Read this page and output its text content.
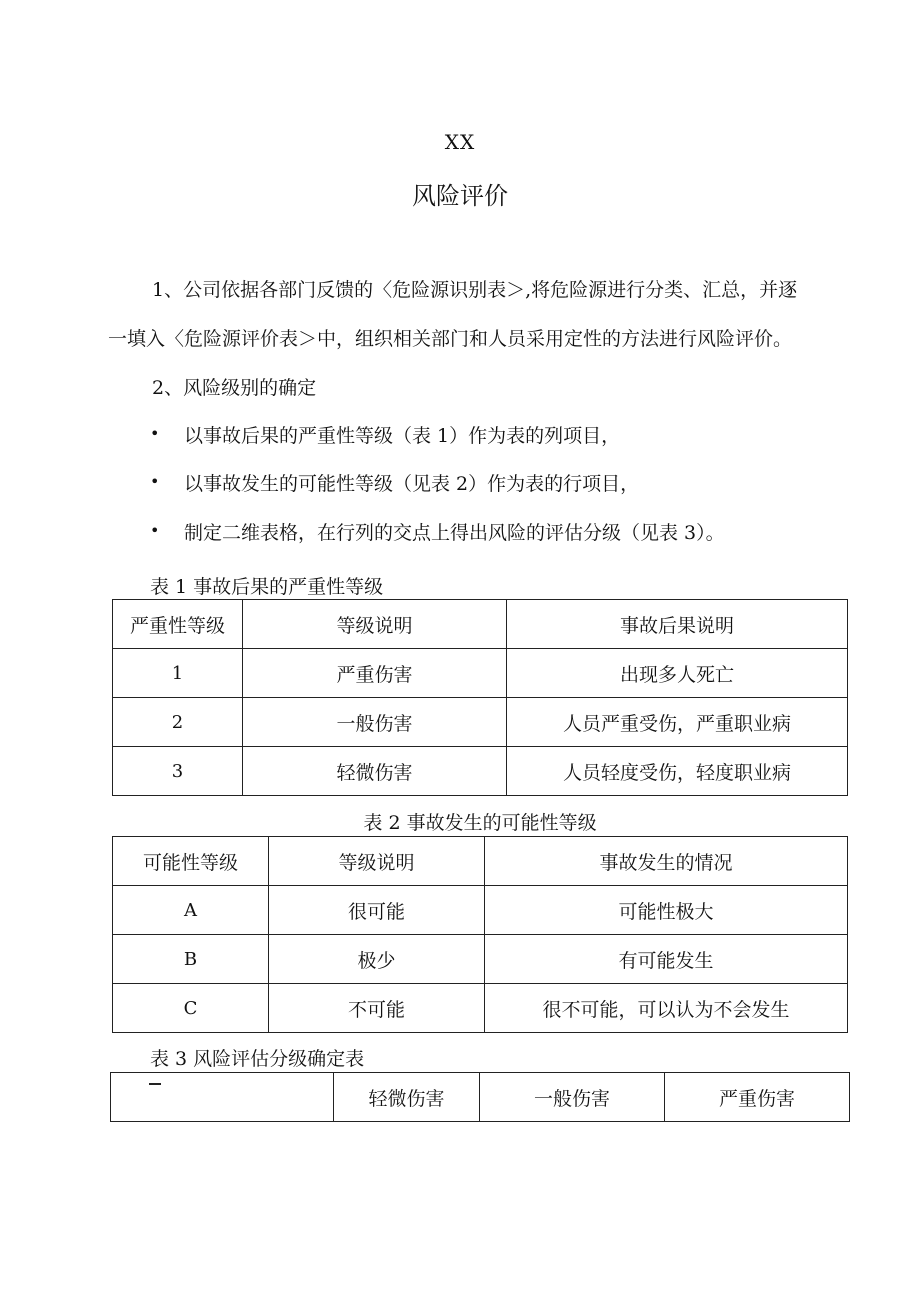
XX
风险评价
1、公司依据各部门反馈的〈危险源识别表＞,将危险源进行分类、汇总，并逐
一填入〈危险源评价表＞中，组织相关部门和人员采用定性的方法进行风险评价。
2、风险级别的确定
• 以事故后果的严重性等级（表 1）作为表的列项目，
• 以事故发生的可能性等级（见表 2）作为表的行项目，
• 制定二维表格，在行列的交点上得出风险的评估分级（见表 3）。
表 1 事故后果的严重性等级
严重性等级	等级说明	事故后果说明
1	严重伤害	出现多人死亡
2	一般伤害	人员严重受伤，严重职业病
3	轻微伤害	人员轻度受伤，轻度职业病
表 2 事故发生的可能性等级
可能性等级	等级说明	事故发生的情况
A	很可能	可能性极大
B	极少	有可能发生
C	不可能	很不可能，可以认为不会发生
表 3 风险评估分级确定表
	轻微伤害	一般伤害	严重伤害
